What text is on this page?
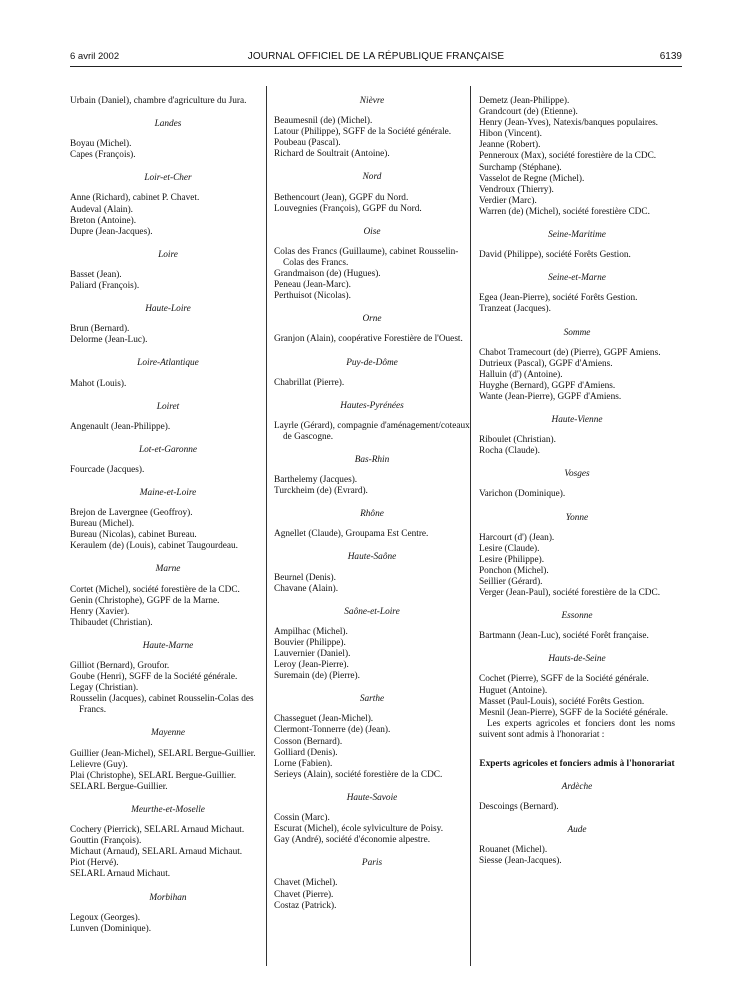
6 avril 2002	JOURNAL OFFICIEL DE LA RÉPUBLIQUE FRANÇAISE	6139

Urbain (Daniel), chambre d'agriculture du Jura.

Landes

Boyau (Michel).

Capes (François).

Loir-et-Cher

Anne (Richard), cabinet P. Chavet.

Audeval (Alain).

Breton (Antoine).

Dupre (Jean-Jacques).

Loire

Basset (Jean).

Paliard (François).

Haute-Loire

Brun (Bernard).

Delorme (Jean-Luc).

Loire-Atlantique

Mahot (Louis).

Loiret

Angenault (Jean-Philippe).

Lot-et-Garonne

Fourcade (Jacques).

Maine-et-Loire

Brejon de Lavergnee (Geoffroy).

Bureau (Michel).

Bureau (Nicolas), cabinet Bureau.

Keraulem (de) (Louis), cabinet Taugourdeau.

Marne

Cortet (Michel), société forestière de la CDC.

Genin (Christophe), GGPF de la Marne.

Henry (Xavier).

Thibaudet (Christian).

Haute-Marne

Gilliot (Bernard), Groufor.

Goube (Henri), SGFF de la Société générale.

Legay (Christian).

Rousselin (Jacques), cabinet Rousselin-Colas des Francs.

Mayenne

Guillier (Jean-Michel), SELARL Bergue-Guillier.

Lelievre (Guy).

Plai (Christophe), SELARL Bergue-Guillier.

SELARL Bergue-Guillier.

Meurthe-et-Moselle

Cochery (Pierrick), SELARL Arnaud Michaut.

Gouttin (François).

Michaut (Arnaud), SELARL Arnaud Michaut.

Piot (Hervé).

SELARL Arnaud Michaut.

Morbihan

Legoux (Georges).

Lunven (Dominique).

Nièvre

Beaumesnil (de) (Michel).

Latour (Philippe), SGFF de la Société générale.

Poubeau (Pascal).

Richard de Soultrait (Antoine).

Nord

Bethencourt (Jean), GGPF du Nord.

Louvegnies (François), GGPF du Nord.

Oise

Colas des Francs (Guillaume), cabinet Rousselin-Colas des Francs.

Grandmaison (de) (Hugues).

Peneau (Jean-Marc).

Perthuisot (Nicolas).

Orne

Granjon (Alain), coopérative Forestière de l'Ouest.

Puy-de-Dôme

Chabrillat (Pierre).

Hautes-Pyrénées

Layrle (Gérard), compagnie d'aménagement/coteaux de Gascogne.

Bas-Rhin

Barthelemy (Jacques).

Turckheim (de) (Evrard).

Rhône

Agnellet (Claude), Groupama Est Centre.

Haute-Saône

Beurnel (Denis).

Chavane (Alain).

Saône-et-Loire

Ampilhac (Michel).

Bouvier (Philippe).

Lauvernier (Daniel).

Leroy (Jean-Pierre).

Suremain (de) (Pierre).

Sarthe

Chasseguet (Jean-Michel).

Clermont-Tonnerre (de) (Jean).

Cosson (Bernard).

Golliard (Denis).

Lorne (Fabien).

Serieys (Alain), société forestière de la CDC.

Haute-Savoie

Cossin (Marc).

Escurat (Michel), école sylviculture de Poisy.

Gay (André), société d'économie alpestre.

Paris

Chavet (Michel).

Chavet (Pierre).

Costaz (Patrick).

Demetz (Jean-Philippe).

Grandcourt (de) (Etienne).

Henry (Jean-Yves), Natexis/banques populaires.

Hibon (Vincent).

Jeanne (Robert).

Penneroux (Max), société forestière de la CDC.

Surchamp (Stéphane).

Vasselot de Regne (Michel).

Vendroux (Thierry).

Verdier (Marc).

Warren (de) (Michel), société forestière CDC.

Seine-Maritime

David (Philippe), société Forêts Gestion.

Seine-et-Marne

Egea (Jean-Pierre), société Forêts Gestion.

Tranzeat (Jacques).

Somme

Chabot Tramecourt (de) (Pierre), GGPF Amiens.

Dutrieux (Pascal), GGPF d'Amiens.

Halluin (d') (Antoine).

Huyghe (Bernard), GGPF d'Amiens.

Wante (Jean-Pierre), GGPF d'Amiens.

Haute-Vienne

Riboulet (Christian).

Rocha (Claude).

Vosges

Varichon (Dominique).

Yonne

Harcourt (d') (Jean).

Lesire (Claude).

Lesire (Philippe).

Ponchon (Michel).

Seillier (Gérard).

Verger (Jean-Paul), société forestière de la CDC.

Essonne

Bartmann (Jean-Luc), société Forêt française.

Hauts-de-Seine

Cochet (Pierre), SGFF de la Société générale.

Huguet (Antoine).

Masset (Paul-Louis), société Forêts Gestion.

Mesnil (Jean-Pierre), SGFF de la Société générale.

Les experts agricoles et fonciers dont les noms suivent sont admis à l'honorariat :
Experts agricoles et fonciers admis à l'honorariat
Ardèche

Descoings (Bernard).

Aude

Rouanet (Michel).

Siesse (Jean-Jacques).
